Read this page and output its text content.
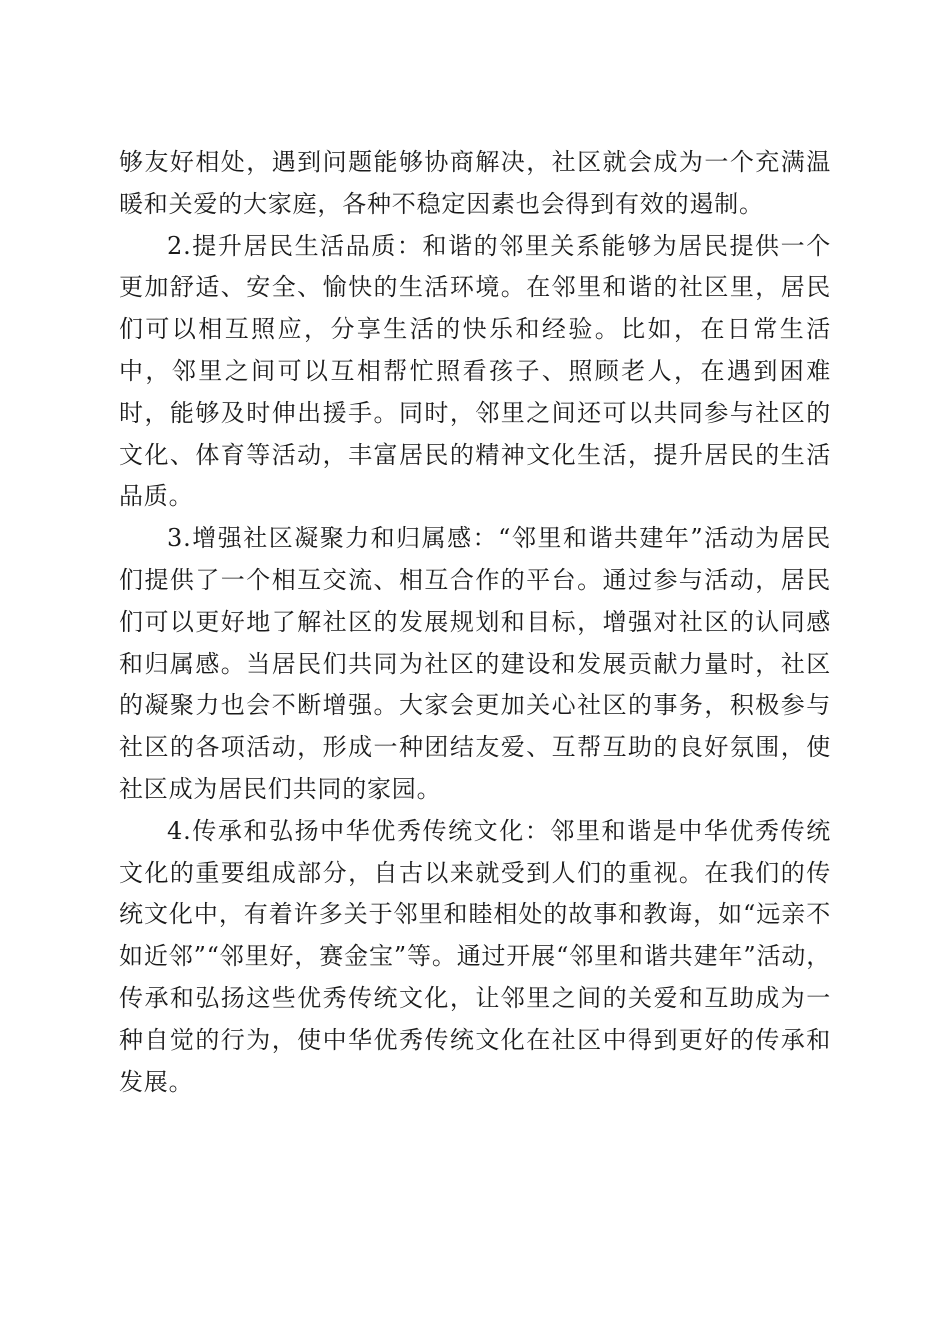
够友好相处，遇到问题能够协商解决，社区就会成为一个充满温暖和关爱的大家庭，各种不稳定因素也会得到有效的遏制。

2.提升居民生活品质：和谐的邻里关系能够为居民提供一个更加舒适、安全、愉快的生活环境。在邻里和谐的社区里，居民们可以相互照应，分享生活的快乐和经验。比如，在日常生活中，邻里之间可以互相帮忙照看孩子、照顾老人，在遇到困难时，能够及时伸出援手。同时，邻里之间还可以共同参与社区的文化、体育等活动，丰富居民的精神文化生活，提升居民的生活品质。

3.增强社区凝聚力和归属感：“邻里和谐共建年”活动为居民们提供了一个相互交流、相互合作的平台。通过参与活动，居民们可以更好地了解社区的发展规划和目标，增强对社区的认同感和归属感。当居民们共同为社区的建设和发展贡献力量时，社区的凝聚力也会不断增强。大家会更加关心社区的事务，积极参与社区的各项活动，形成一种团结友爱、互帮互助的良好氛围，使社区成为居民们共同的家园。

4.传承和弘扬中华优秀传统文化：邻里和谐是中华优秀传统文化的重要组成部分，自古以来就受到人们的重视。在我们的传统文化中，有着许多关于邻里和睦相处的故事和教诲，如“远亲不如近邻”“邻里好，赛金宝”等。通过开展“邻里和谐共建年”活动，传承和弘扬这些优秀传统文化，让邻里之间的关爱和互助成为一种自觉的行为，使中华优秀传统文化在社区中得到更好的传承和发展。
